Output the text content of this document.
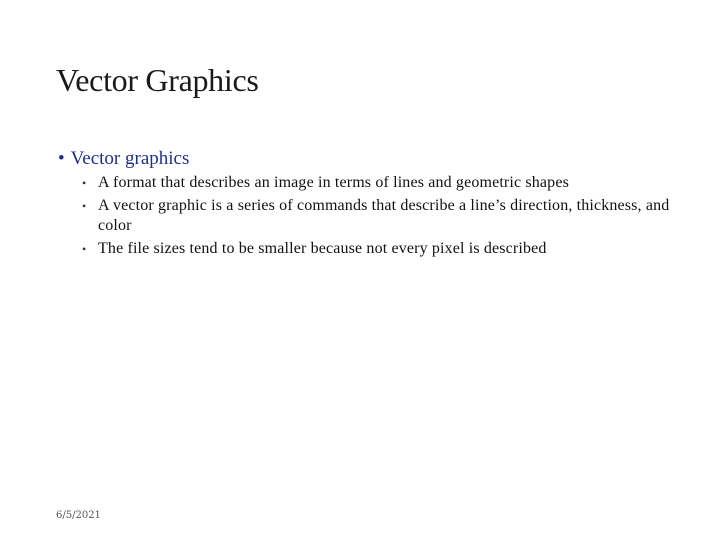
Vector Graphics
• Vector graphics
• A format that describes an image in terms of lines and geometric shapes
• A vector graphic is a series of commands that describe a line’s direction, thickness, and color
• The file sizes tend to be smaller because not every pixel is described
6/5/2021
